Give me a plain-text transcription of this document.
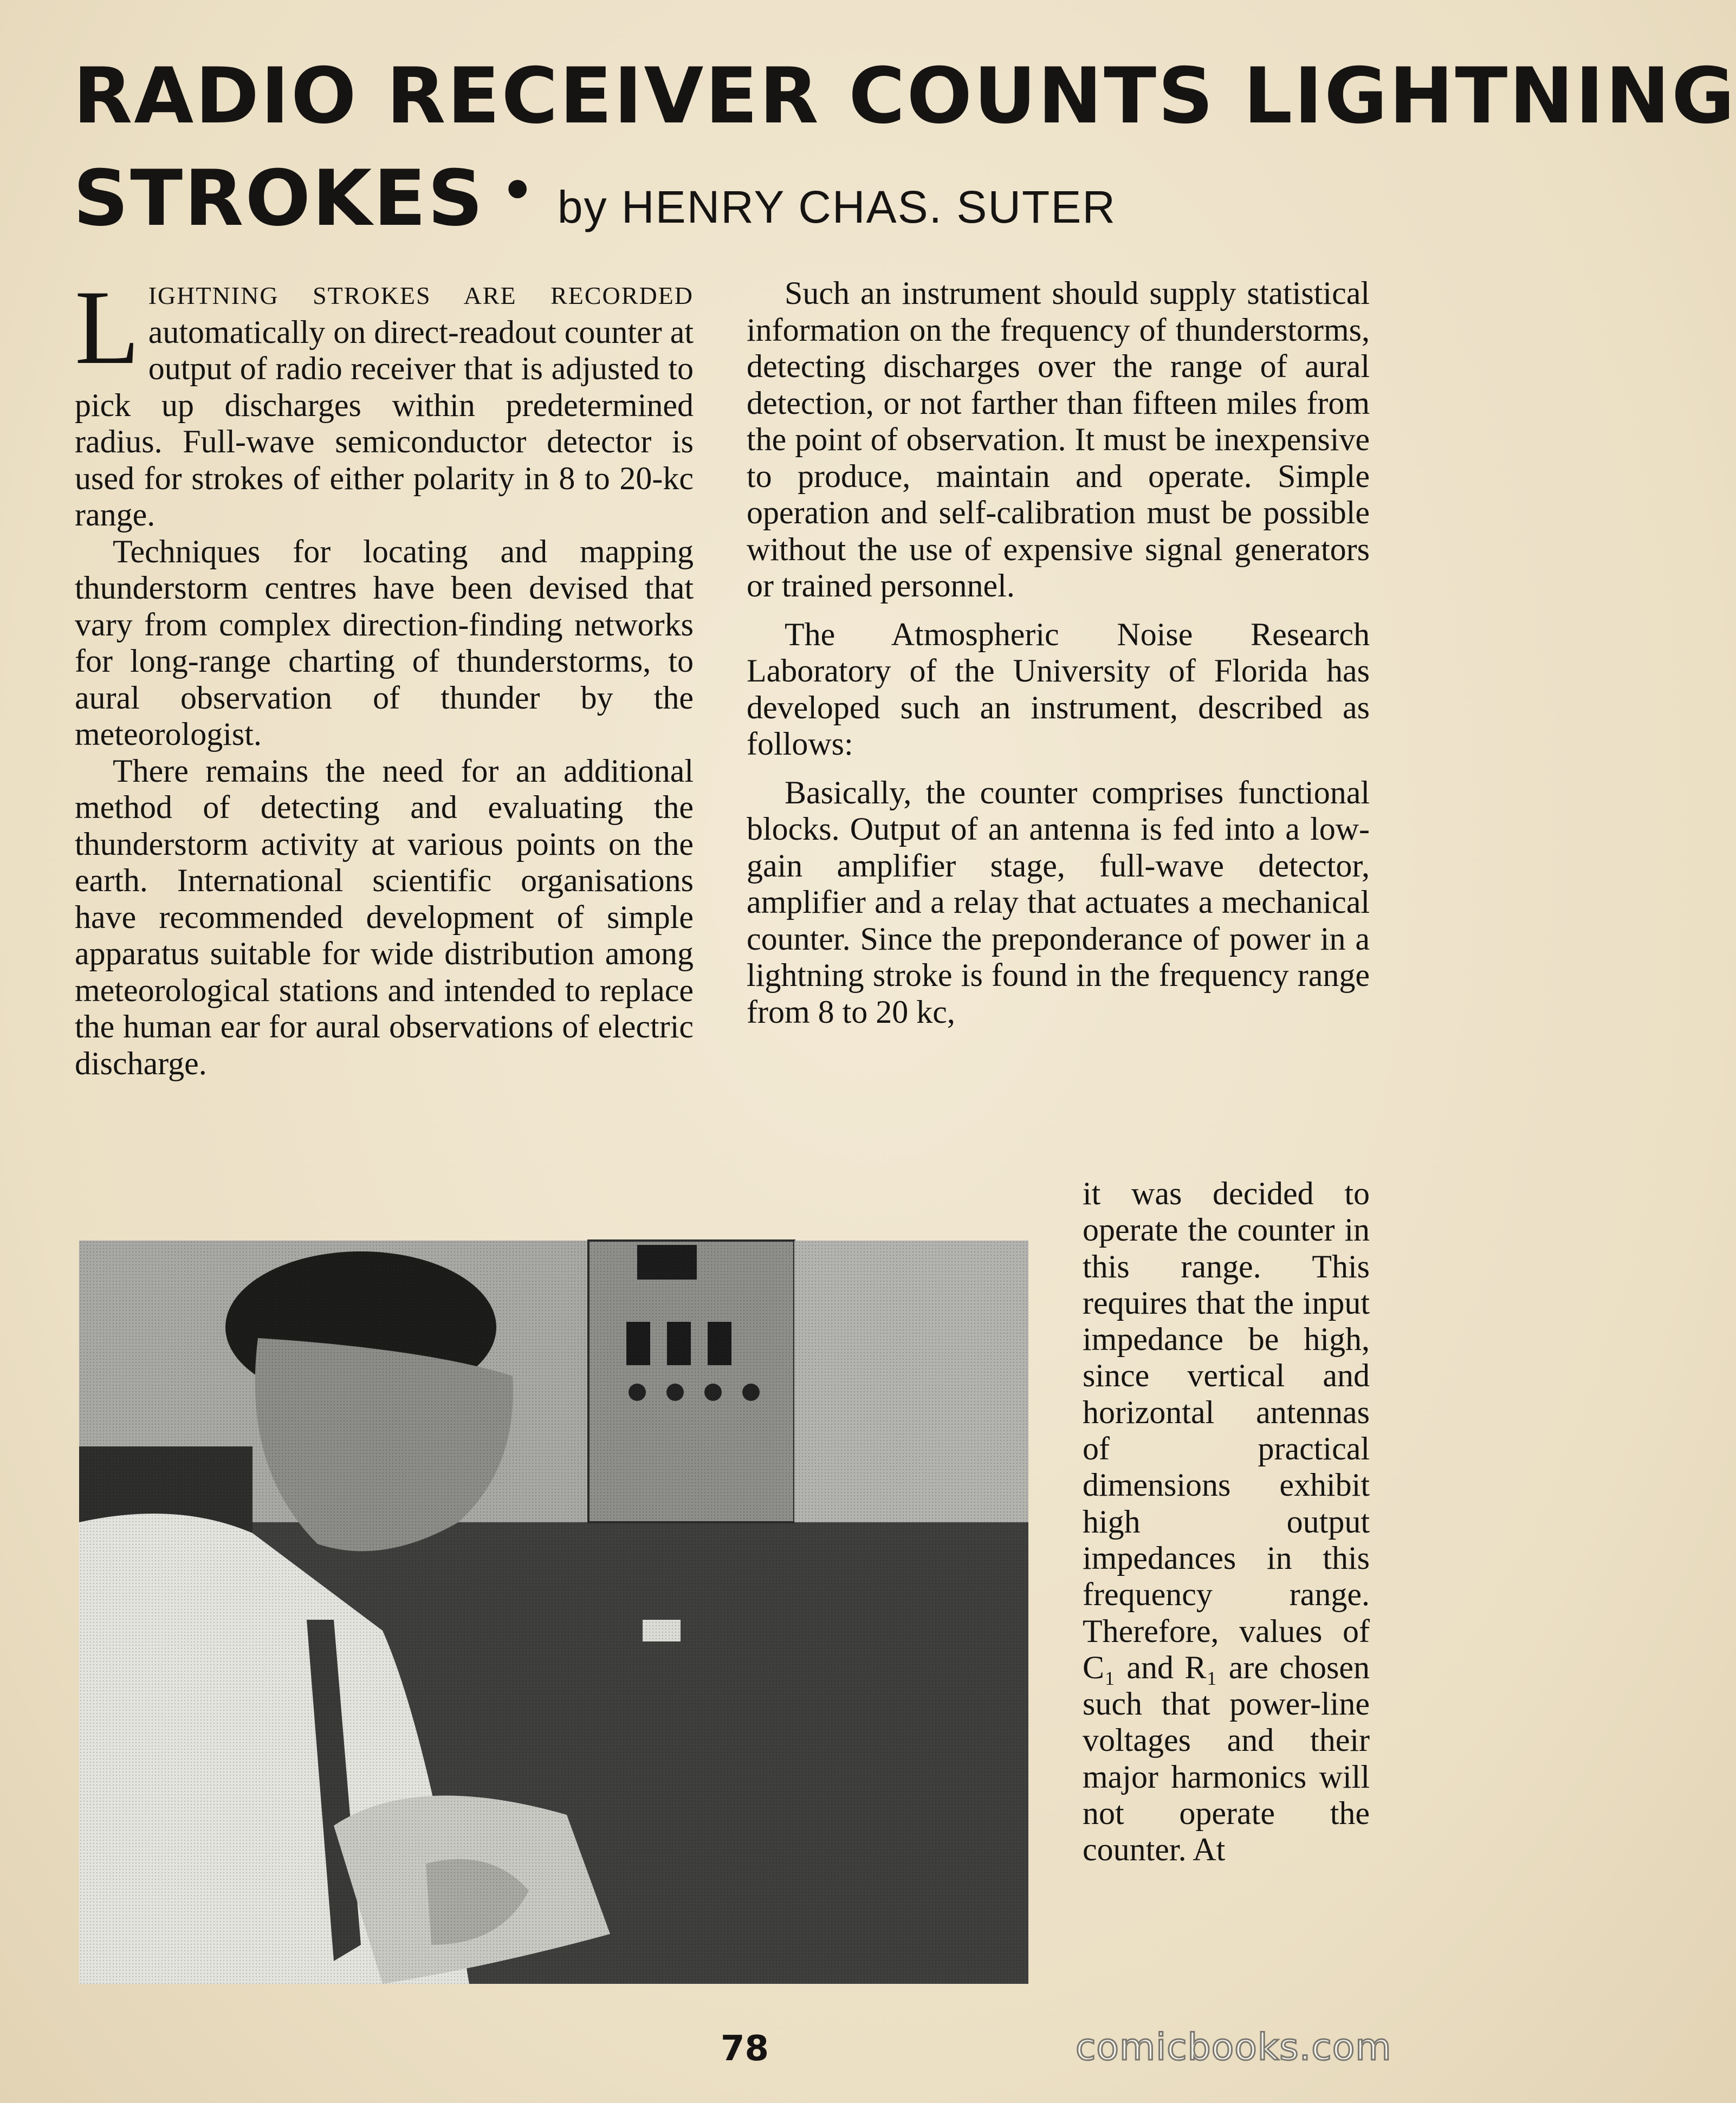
RADIO RECEIVER COUNTS LIGHTNING
STROKES • by HENRY CHAS. SUTER

LIGHTNING STROKES ARE RECORDED automatically on direct-readout counter at output of radio receiver that is adjusted to pick up discharges within predetermined radius. Full-wave semiconductor detector is used for strokes of either polarity in 8 to 20-kc range.

Techniques for locating and mapping thunderstorm centres have been devised that vary from complex direction-finding networks for long-range charting of thunderstorms, to aural observation of thunder by the meteorologist.

There remains the need for an additional method of detecting and evaluating the thunderstorm activity at various points on the earth. International scientific organisations have recommended development of simple apparatus suitable for wide distribution among meteorological stations and intended to replace the human ear for aural observations of electric discharge.

Such an instrument should supply statistical information on the frequency of thunderstorms, detecting discharges over the range of aural detection, or not farther than fifteen miles from the point of observation. It must be inexpensive to produce, maintain and operate. Simple operation and self-calibration must be possible without the use of expensive signal generators or trained personnel.

The Atmospheric Noise Research Laboratory of the University of Florida has developed such an instrument, described as follows:

Basically, the counter comprises functional blocks. Output of an antenna is fed into a low-gain amplifier stage, full-wave detector, amplifier and a relay that actuates a mechanical counter. Since the preponderance of power in a lightning stroke is found in the frequency range from 8 to 20 kc,

it was decided to operate the counter in this range. This requires that the input impedance be high, since vertical and horizontal antennas of practical dimensions exhibit high output impedances in this frequency range. Therefore, values of C₁ and R₁ are chosen such that power-line voltages and their major harmonics will not operate the counter. At

78	comicbooks.com
